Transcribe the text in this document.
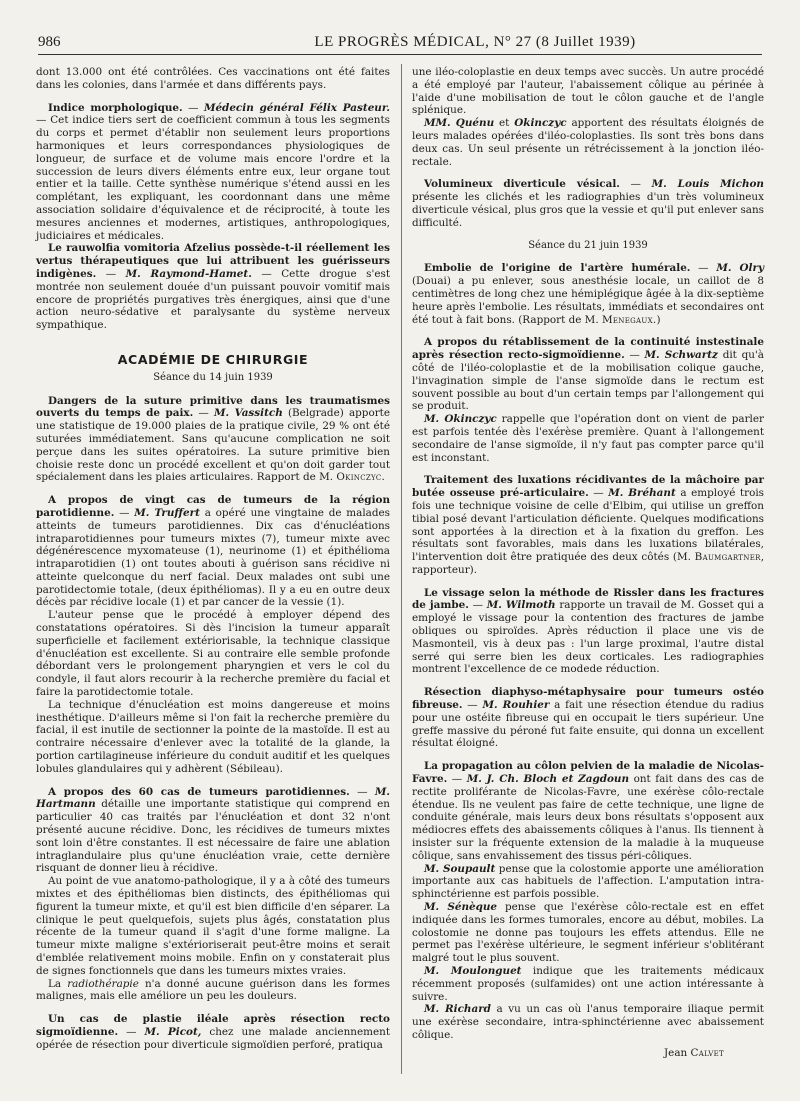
986	LE PROGRÈS MÉDICAL, N° 27 (8 Juillet 1939)

dont 13.000 ont été contrôlées. Ces vaccinations ont été faites dans les colonies, dans l'armée et dans différents pays.

Indice morphologique. — Médecin général Félix Pasteur. — Cet indice tiers sert de coefficient commun à tous les segments du corps et permet d'établir non seulement leurs proportions harmoniques et leurs correspondances physiologiques de longueur, de surface et de volume mais encore l'ordre et la succession de leurs divers éléments entre eux, leur organe tout entier et la taille. Cette synthèse numérique s'étend aussi en les complétant, les expliquant, les coordonnant dans une même association solidaire d'équivalence et de réciprocité, à toute les mesures anciennes et modernes, artistiques, anthropologiques, judiciaires et médicales.

Le rauwolfia vomitoria Afzelius possède-t-il réellement les vertus thérapeutiques que lui attribuent les guérisseurs indigènes. — M. Raymond-Hamet. — Cette drogue s'est montrée non seulement douée d'un puissant pouvoir vomitif mais encore de propriétés purgatives très énergiques, ainsi que d'une action neuro-sédative et paralysante du système nerveux sympathique.

ACADÉMIE DE CHIRURGIE

Séance du 14 juin 1939

Dangers de la suture primitive dans les traumatismes ouverts du temps de paix. — M. Vassitch (Belgrade) apporte une statistique de 19.000 plaies de la pratique civile, 29 % ont été suturées immédiatement. Sans qu'aucune complication ne soit perçue dans les suites opératoires. La suture primitive bien choisie reste donc un procédé excellent et qu'on doit garder tout spécialement dans les plaies articulaires. Rapport de M. Okinczyc.

A propos de vingt cas de tumeurs de la région parotidienne. — M. Truffert a opéré une vingtaine de malades atteints de tumeurs parotidiennes. Dix cas d'énucléations intraparotidiennes pour tumeurs mixtes (7), tumeur mixte avec dégénérescence myxomateuse (1), neurinome (1) et épithélioma intraparotidien (1) ont toutes abouti à guérison sans récidive ni atteinte quelconque du nerf facial. Deux malades ont subi une parotidectomie totale, (deux épithéliomas). Il y a eu en outre deux décès par récidive locale (1) et par cancer de la vessie (1).

L'auteur pense que le procédé à employer dépend des constatations opératoires. Si dès l'incision la tumeur apparaît superficielle et facilement extériorisable, la technique classique d'énucléation est excellente. Si au contraire elle semble profonde débordant vers le prolongement pharyngien et vers le col du condyle, il faut alors recourir à la recherche première du facial et faire la parotidectomie totale.

La technique d'énucléation est moins dangereuse et moins inesthétique. D'ailleurs même si l'on fait la recherche première du facial, il est inutile de sectionner la pointe de la mastoïde. Il est au contraire nécessaire d'enlever avec la totalité de la glande, la portion cartilagineuse inférieure du conduit auditif et les quelques lobules glandulaires qui y adhèrent (Sébileau).

A propos des 60 cas de tumeurs parotidiennes. — M. Hartmann détaille une importante statistique qui comprend en particulier 40 cas traités par l'énucléation et dont 32 n'ont présenté aucune récidive. Donc, les récidives de tumeurs mixtes sont loin d'être constantes. Il est nécessaire de faire une ablation intraglandulaire plus qu'une énucléation vraie, cette dernière risquant de donner lieu à récidive.

Au point de vue anatomo-pathologique, il y a à côté des tumeurs mixtes et des épithéliomas bien distincts, des épithéliomas qui figurent la tumeur mixte, et qu'il est bien difficile d'en séparer. La clinique le peut quelquefois, sujets plus âgés, constatation plus récente de la tumeur quand il s'agit d'une forme maligne. La tumeur mixte maligne s'extérioriserait peut-être moins et serait d'emblée relativement moins mobile. Enfin on y constaterait plus de signes fonctionnels que dans les tumeurs mixtes vraies.

La radiothérapie n'a donné aucune guérison dans les formes malignes, mais elle améliore un peu les douleurs.

Un cas de plastie iléale après résection recto sigmoïdienne. — M. Picot, chez une malade anciennement opérée de résection pour diverticule sigmoïdien perforé, pratiqua

une iléo-coloplastie en deux temps avec succès. Un autre procédé a été employé par l'auteur, l'abaissement côlique au périnée à l'aide d'une mobilisation de tout le côlon gauche et de l'angle splénique.

MM. Quénu et Okinczyc apportent des résultats éloignés de leurs malades opérées d'iléo-coloplasties. Ils sont très bons dans deux cas. Un seul présente un rétrécissement à la jonction iléo-rectale.

Volumineux diverticule vésical. — M. Louis Michon présente les clichés et les radiographies d'un très volumineux diverticule vésical, plus gros que la vessie et qu'il put enlever sans difficulté.

Séance du 21 juin 1939

Embolie de l'origine de l'artère humérale. — M. Olry (Douai) a pu enlever, sous anesthésie locale, un caillot de 8 centimètres de long chez une hémiplégique âgée à la dix-septième heure après l'embolie. Les résultats, immédiats et secondaires ont été tout à fait bons. (Rapport de M. Menegaux.)

A propos du rétablissement de la continuité instestinale après résection recto-sigmoïdienne. — M. Schwartz dit qu'à côté de l'iléo-coloplastie et de la mobilisation colique gauche, l'invagination simple de l'anse sigmoïde dans le rectum est souvent possible au bout d'un certain temps par l'allongement qui se produit.

M. Okinczyc rappelle que l'opération dont on vient de parler est parfois tentée dès l'exérèse première. Quant à l'allongement secondaire de l'anse sigmoïde, il n'y faut pas compter parce qu'il est inconstant.

Traitement des luxations récidivantes de la mâchoire par butée osseuse pré-articulaire. — M. Bréhant a employé trois fois une technique voisine de celle d'Elbim, qui utilise un greffon tibial posé devant l'articulation déficiente. Quelques modifications sont apportées à la direction et à la fixation du greffon. Les résultats sont favorables, mais dans les luxations bilatérales, l'intervention doit être pratiquée des deux côtés (M. Baumgartner, rapporteur).

Le vissage selon la méthode de Rissler dans les fractures de jambe. — M. Wilmoth rapporte un travail de M. Gosset qui a employé le vissage pour la contention des fractures de jambe obliques ou spiroïdes. Après réduction il place une vis de Masmonteil, vis à deux pas : l'un large proximal, l'autre distal serré qui serre bien les deux corticales. Les radiographies montrent l'excellence de ce modede réduction.

Résection diaphyso-métaphysaire pour tumeurs ostéo fibreuse. — M. Rouhier a fait une résection étendue du radius pour une ostéite fibreuse qui en occupait le tiers supérieur. Une greffe massive du péroné fut faite ensuite, qui donna un excellent résultat éloigné.

La propagation au côlon pelvien de la maladie de Nicolas-Favre. — M. J. Ch. Bloch et Zagdoun ont fait dans des cas de rectite proliférante de Nicolas-Favre, une exérèse côlo-rectale étendue. Ils ne veulent pas faire de cette technique, une ligne de conduite générale, mais leurs deux bons résultats s'opposent aux médiocres effets des abaissements côliques à l'anus. Ils tiennent à insister sur la fréquente extension de la maladie à la muqueuse côlique, sans envahissement des tissus péri-côliques.

M. Soupault pense que la colostomie apporte une amélioration importante aux cas habituels de l'affection. L'amputation intra-sphinctérienne est parfois possible.

M. Sénèque pense que l'exérèse côlo-rectale est en effet indiquée dans les formes tumorales, encore au début, mobiles. La colostomie ne donne pas toujours les effets attendus. Elle ne permet pas l'exérèse ultérieure, le segment inférieur s'oblitérant malgré tout le plus souvent.

M. Moulonguet indique que les traitements médicaux récemment proposés (sulfamides) ont une action intéressante à suivre.

M. Richard a vu un cas où l'anus temporaire iliaque permit une exérèse secondaire, intra-sphinctérienne avec abaissement côlique.

Jean Calvet
